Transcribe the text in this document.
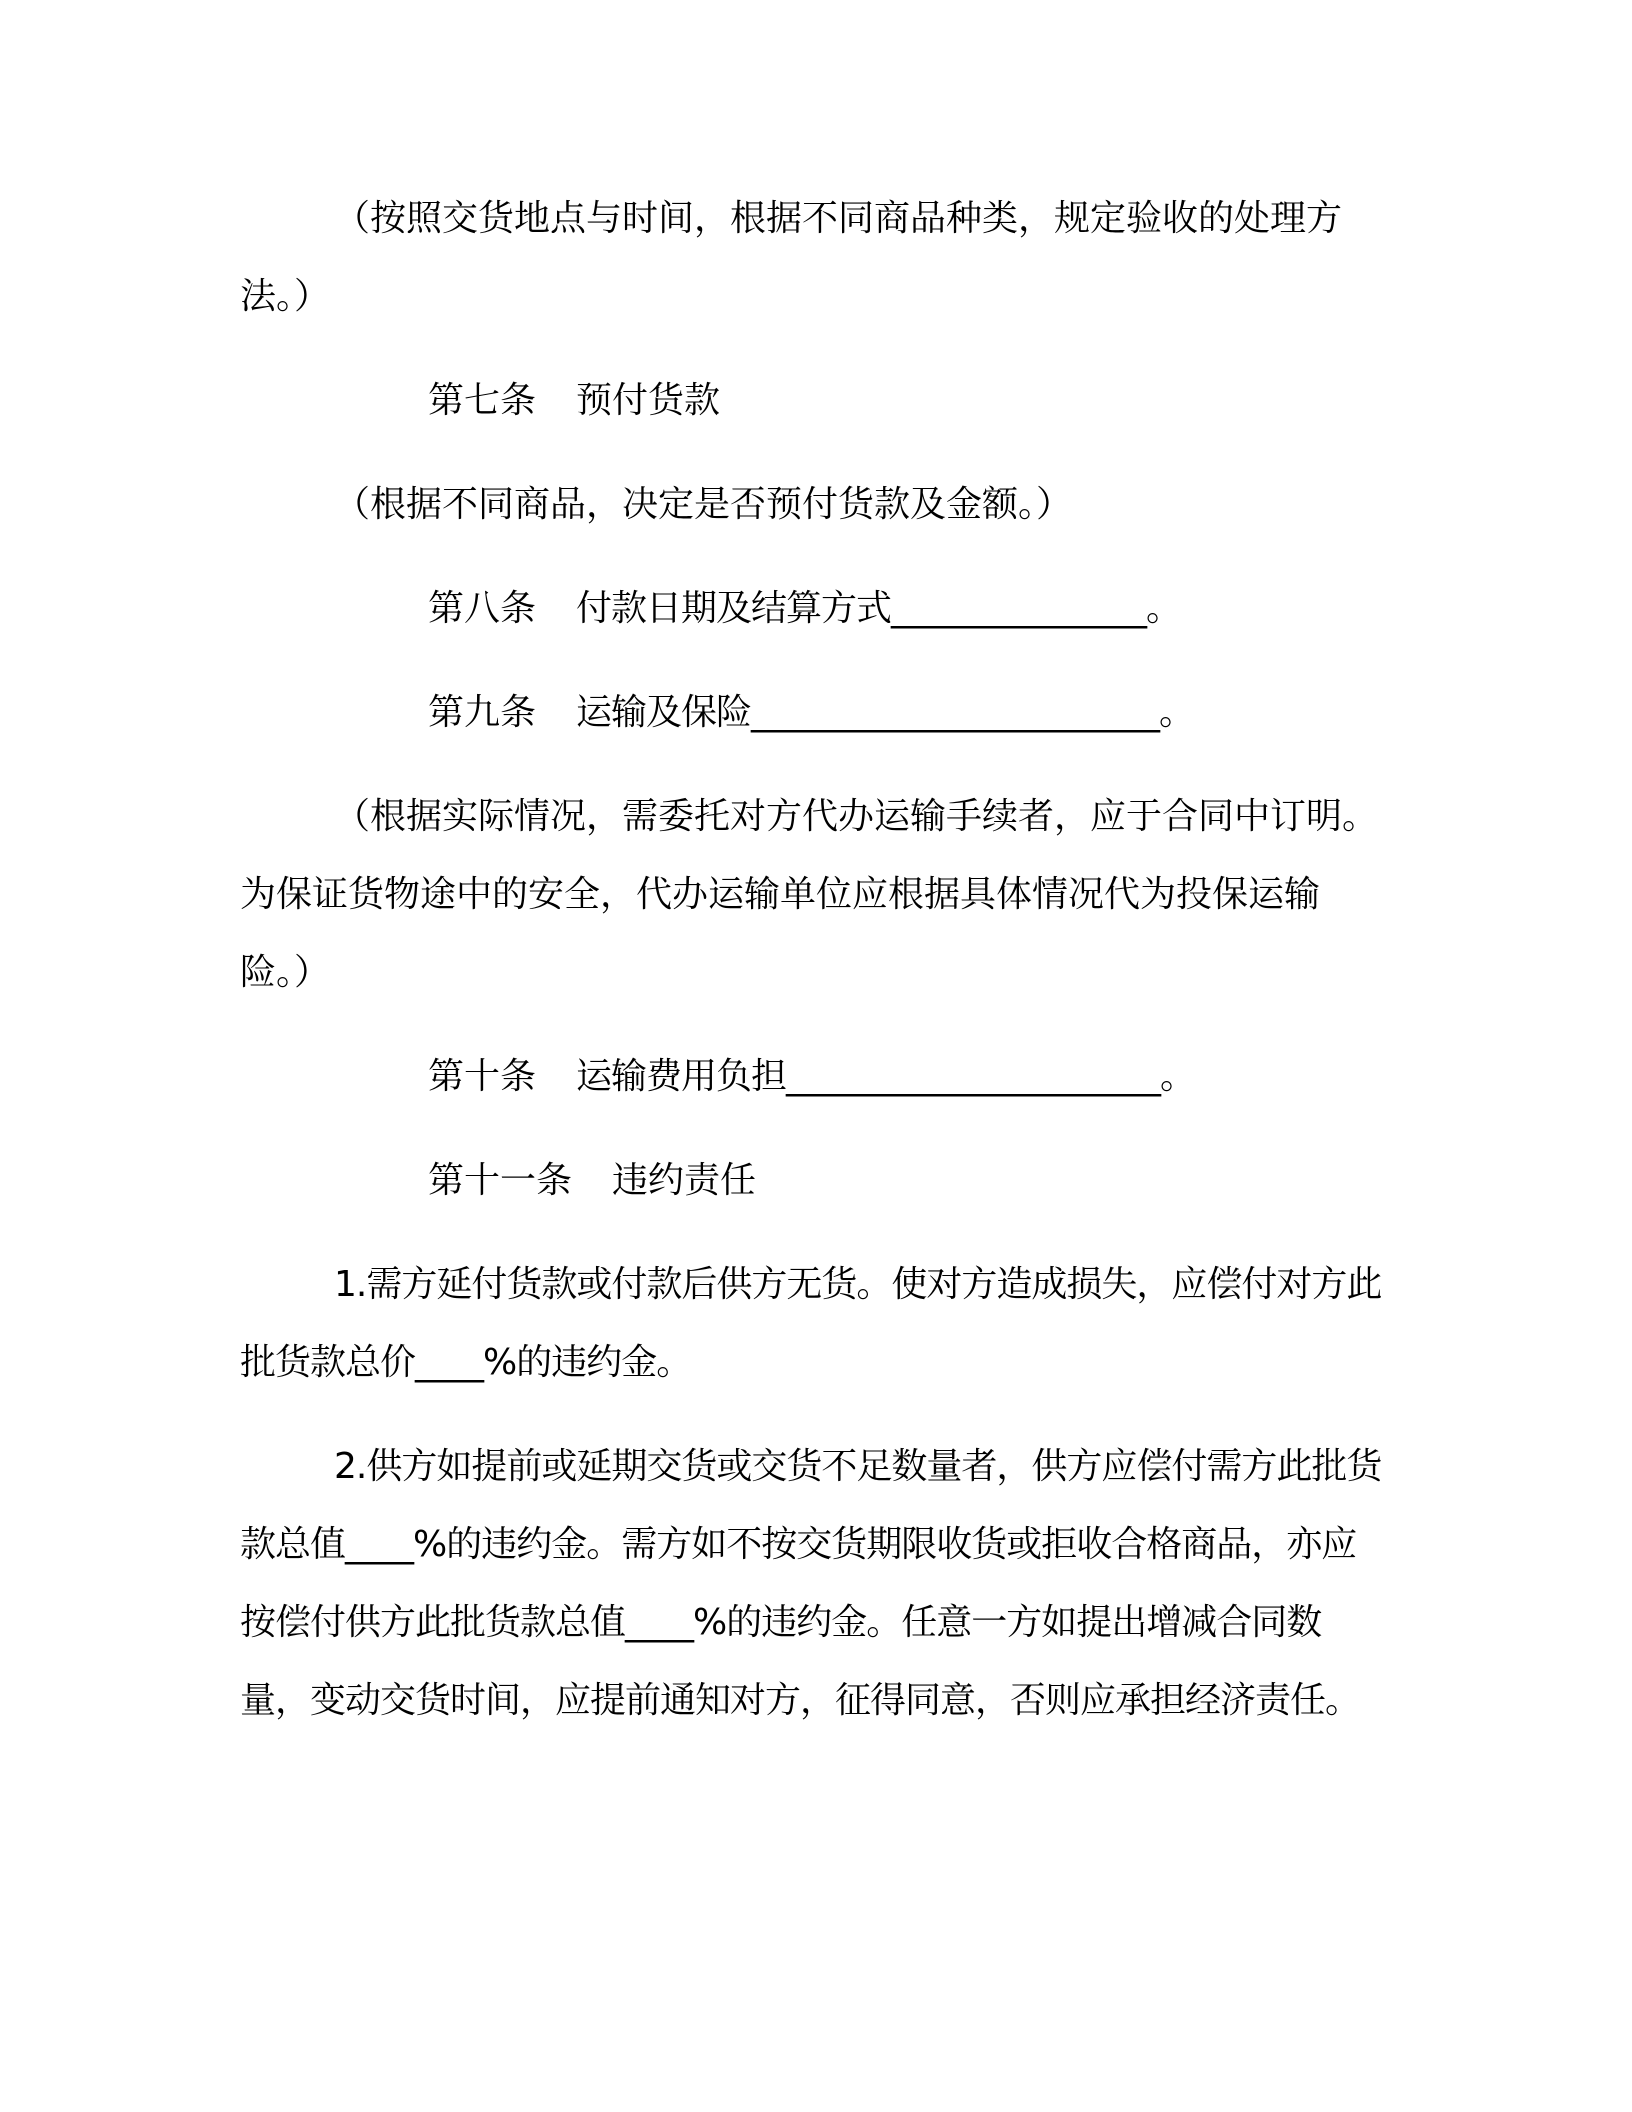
（按照交货地点与时间，根据不同商品种类，规定验收的处理方法。）

第七条 预付货款

（根据不同商品，决定是否预付货款及金额。）

第八条 付款日期及结算方式_______________。

第九条 运输及保险________________________。

（根据实际情况，需委托对方代办运输手续者，应于合同中订明。为保证货物途中的安全，代办运输单位应根据具体情况代为投保运输险。）

第十条 运输费用负担______________________。

第十一条 违约责任

1.需方延付货款或付款后供方无货。使对方造成损失，应偿付对方此批货款总价____%的违约金。

2.供方如提前或延期交货或交货不足数量者，供方应偿付需方此批货款总值____%的违约金。需方如不按交货期限收货或拒收合格商品，亦应按偿付供方此批货款总值____%的违约金。任意一方如提出增减合同数量，变动交货时间，应提前通知对方，征得同意，否则应承担经济责任。
